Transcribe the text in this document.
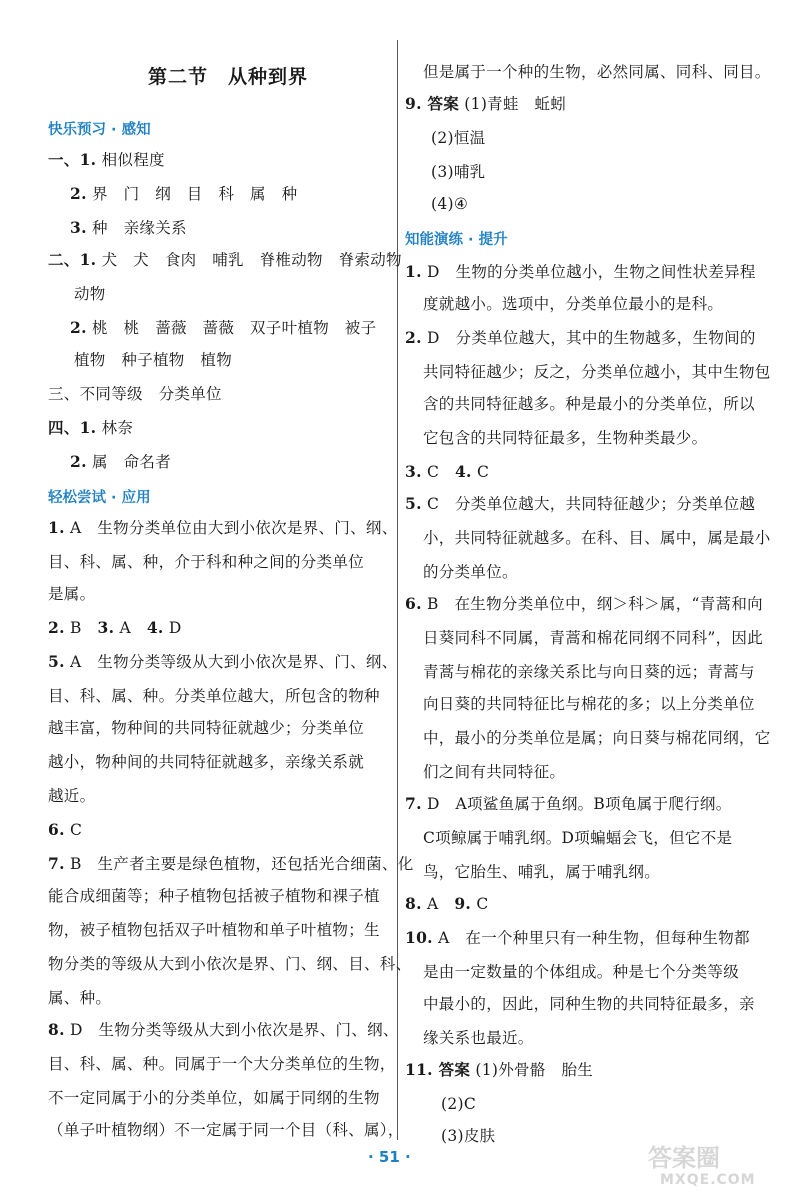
第二节　从种到界
快乐预习 · 感知
一、1. 相似程度
2. 界　门　纲　目　科　属　种
3. 种　亲缘关系
二、1. 犬　犬　食肉　哺乳　脊椎动物　脊索动物
动物
2. 桃　桃　蔷薇　蔷薇　双子叶植物　被子
植物　种子植物　植物
三、不同等级　分类单位
四、1. 林奈
2. 属　命名者
轻松尝试 · 应用
1. A　生物分类单位由大到小依次是界、门、纲、
目、科、属、种，介于科和种之间的分类单位
是属。
2. B　3. A　4. D
5. A　生物分类等级从大到小依次是界、门、纲、
目、科、属、种。分类单位越大，所包含的物种
越丰富，物种间的共同特征就越少；分类单位
越小，物种间的共同特征就越多，亲缘关系就
越近。
6. C
7. B　生产者主要是绿色植物，还包括光合细菌、化
能合成细菌等；种子植物包括被子植物和裸子植
物，被子植物包括双子叶植物和单子叶植物；生
物分类的等级从大到小依次是界、门、纲、目、科、
属、种。
8. D　生物分类等级从大到小依次是界、门、纲、
目、科、属、种。同属于一个大分类单位的生物，
不一定同属于小的分类单位，如属于同纲的生物
（单子叶植物纲）不一定属于同一个目（科、属），
但是属于一个种的生物，必然同属、同科、同目。
9. 答案 (1)青蛙　蚯蚓
(2)恒温
(3)哺乳
(4)④
知能演练 · 提升
1. D　生物的分类单位越小，生物之间性状差异程
度就越小。选项中，分类单位最小的是科。
2. D　分类单位越大，其中的生物越多，生物间的
共同特征越少；反之，分类单位越小，其中生物包
含的共同特征越多。种是最小的分类单位，所以
它包含的共同特征最多，生物种类最少。
3. C　4. C
5. C　分类单位越大，共同特征越少；分类单位越
小，共同特征就越多。在科、目、属中，属是最小
的分类单位。
6. B　在生物分类单位中，纲＞科＞属，“青蒿和向
日葵同科不同属，青蒿和棉花同纲不同科”，因此
青蒿与棉花的亲缘关系比与向日葵的远；青蒿与
向日葵的共同特征比与棉花的多；以上分类单位
中，最小的分类单位是属；向日葵与棉花同纲，它
们之间有共同特征。
7. D　A项鲨鱼属于鱼纲。B项龟属于爬行纲。
C项鲸属于哺乳纲。D项蝙蝠会飞，但它不是
鸟，它胎生、哺乳，属于哺乳纲。
8. A　9. C
10. A　在一个种里只有一种生物，但每种生物都
是由一定数量的个体组成。种是七个分类等级
中最小的，因此，同种生物的共同特征最多，亲
缘关系也最近。
11. 答案 (1)外骨骼　胎生
(2)C
(3)皮肤
· 51 ·	答案圈
MXQE.COM
